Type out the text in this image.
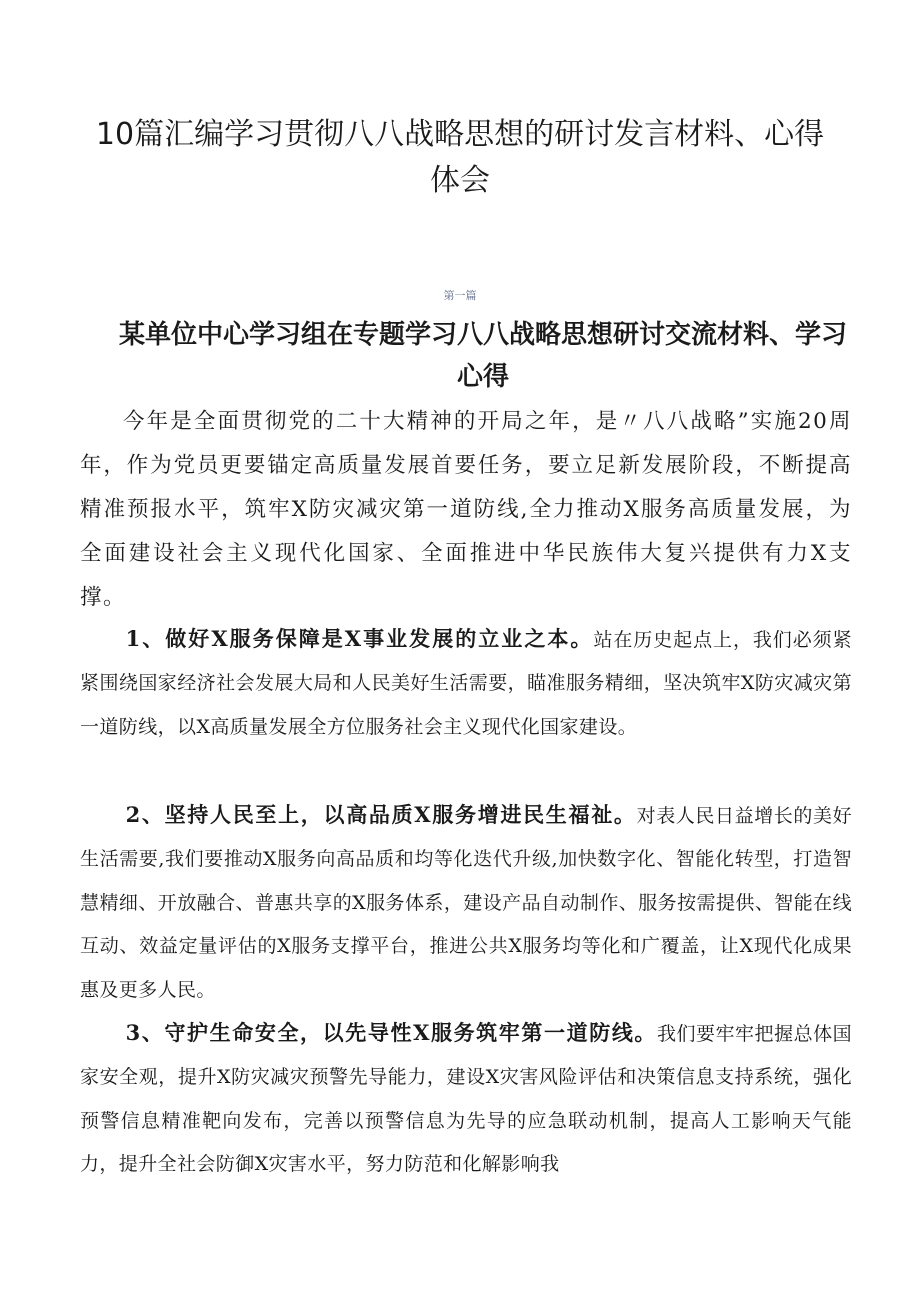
10篇汇编学习贯彻八八战略思想的研讨发言材料、心得体会
第一篇
某单位中心学习组在专题学习八八战略思想研讨交流材料、学习心得

今年是全面贯彻党的二十大精神的开局之年，是〃八八战略”实施20周年，作为党员更要锚定高质量发展首要任务，要立足新发展阶段，不断提高精准预报水平，筑牢X防灾减灾第一道防线,全力推动X服务高质量发展，为全面建设社会主义现代化国家、全面推进中华民族伟大复兴提供有力X支撑。

1、做好X服务保障是X事业发展的立业之本。站在历史起点上，我们必须紧紧围绕国家经济社会发展大局和人民美好生活需要，瞄准服务精细，坚决筑牢X防灾减灾第一道防线，以X高质量发展全方位服务社会主义现代化国家建设。

2、坚持人民至上，以高品质X服务增进民生福祉。对表人民日益增长的美好生活需要,我们要推动X服务向高品质和均等化迭代升级,加快数字化、智能化转型，打造智慧精细、开放融合、普惠共享的X服务体系，建设产品自动制作、服务按需提供、智能在线互动、效益定量评估的X服务支撑平台，推进公共X服务均等化和广覆盖，让X现代化成果惠及更多人民。

3、守护生命安全，以先导性X服务筑牢第一道防线。我们要牢牢把握总体国家安全观，提升X防灾减灾预警先导能力，建设X灾害风险评估和决策信息支持系统，强化预警信息精准靶向发布，完善以预警信息为先导的应急联动机制，提高人工影响天气能力，提升全社会防御X灾害水平，努力防范和化解影响我
